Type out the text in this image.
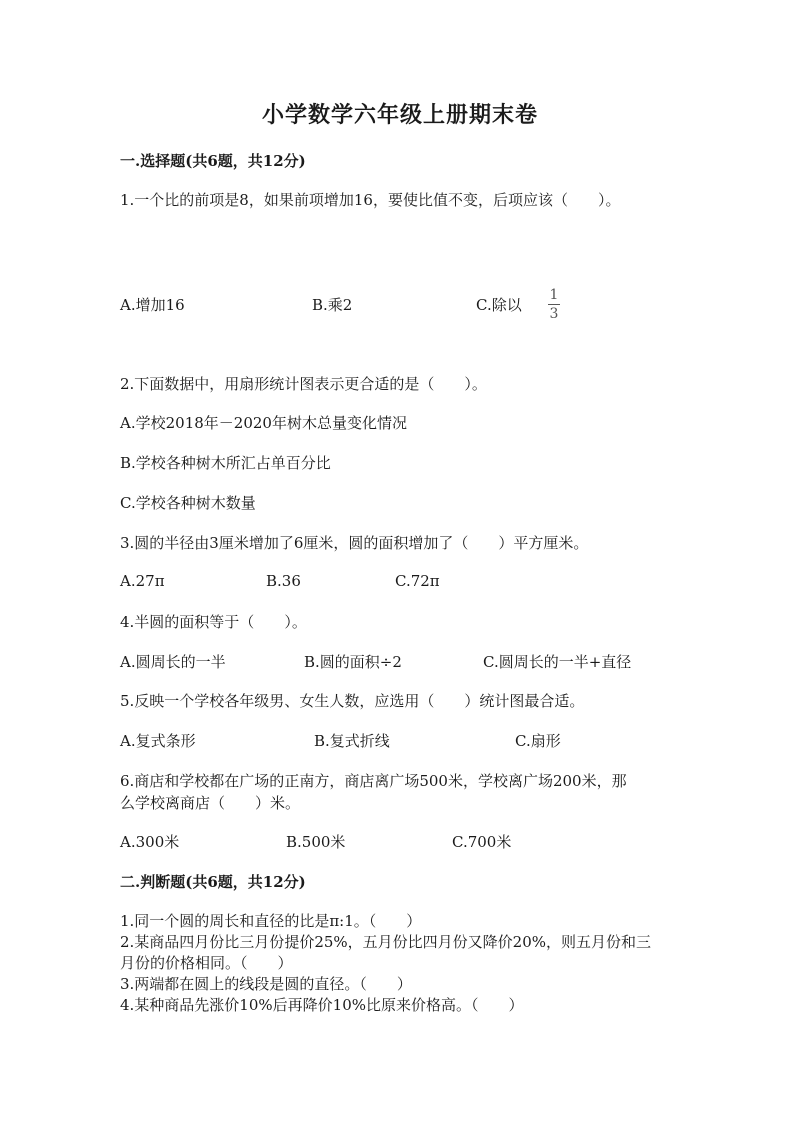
小学数学六年级上册期末卷
一.选择题(共6题，共12分)
1.一个比的前项是8，如果前项增加16，要使比值不变，后项应该（　　）。
A.增加16	B.乘2	C.除以
1
3
2.下面数据中，用扇形统计图表示更合适的是（　　）。
A.学校2018年－2020年树木总量变化情况
B.学校各种树木所汇占单百分比
C.学校各种树木数量
3.圆的半径由3厘米增加了6厘米，圆的面积增加了（　　）平方厘米。
A.27π	B.36	C.72π
4.半圆的面积等于（　　）。
A.圆周长的一半	B.圆的面积÷2	C.圆周长的一半+直径
5.反映一个学校各年级男、女生人数，应选用（　　）统计图最合适。
A.复式条形	B.复式折线	C.扇形
6.商店和学校都在广场的正南方，商店离广场500米，学校离广场200米，那
么学校离商店（　　）米。
A.300米	B.500米	C.700米
二.判断题(共6题，共12分)
1.同一个圆的周长和直径的比是π:1。（　　）
2.某商品四月份比三月份提价25%，五月份比四月份又降价20%，则五月份和三
月份的价格相同。（　　）
3.两端都在圆上的线段是圆的直径。（　　）
4.某种商品先涨价10%后再降价10%比原来价格高。（　　）
